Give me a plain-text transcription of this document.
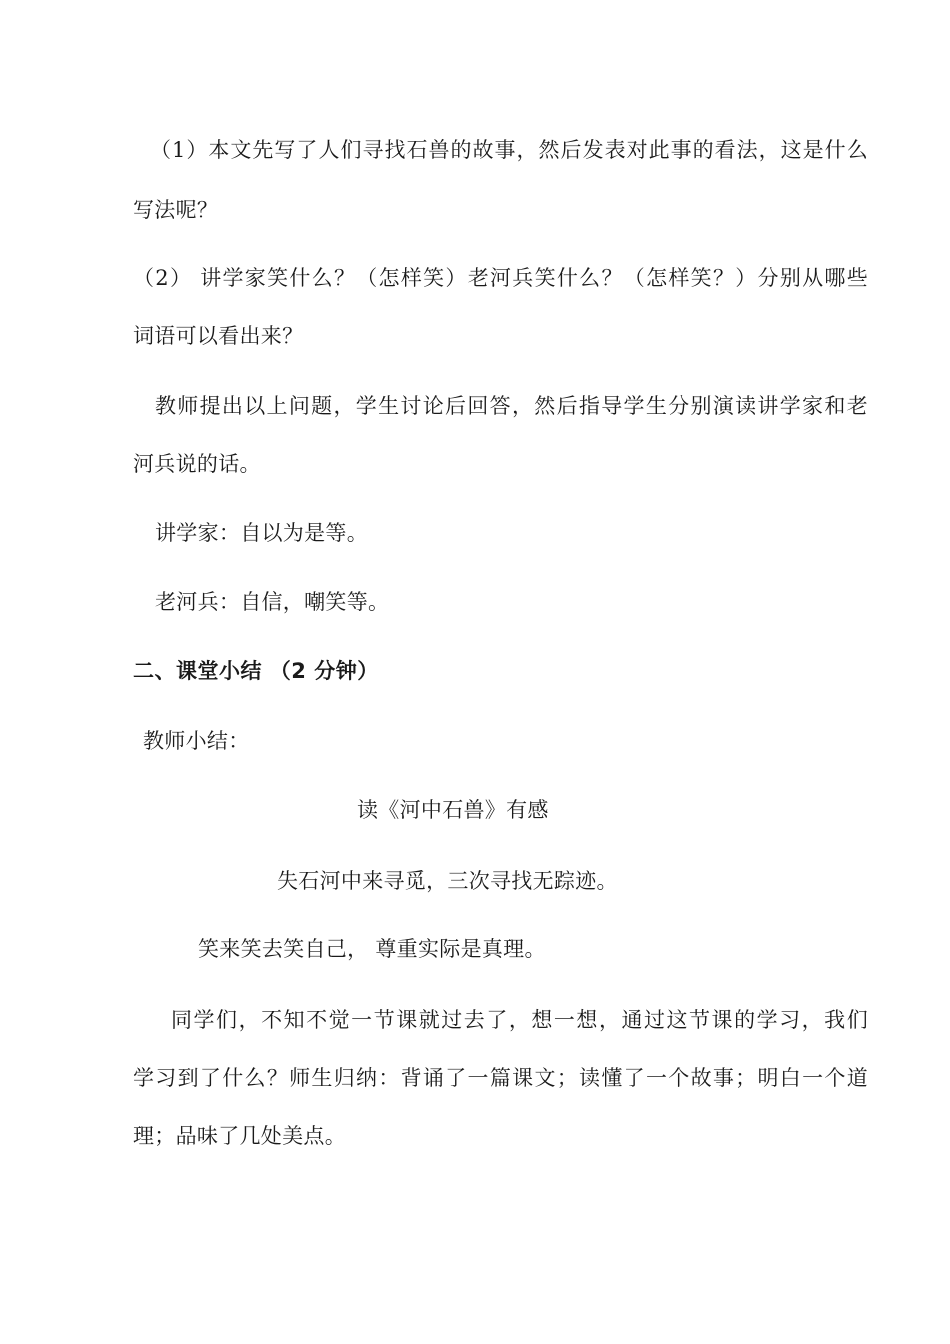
（1）本文先写了人们寻找石兽的故事，然后发表对此事的看法，这是什么
写法呢？
（2） 讲学家笑什么？（怎样笑）老河兵笑什么？（怎样笑？）分别从哪些
词语可以看出来？
教师提出以上问题，学生讨论后回答，然后指导学生分别演读讲学家和老
河兵说的话。
讲学家：自以为是等。
老河兵：自信，嘲笑等。
二、课堂小结 （2 分钟）
教师小结：
读《河中石兽》有感
失石河中来寻觅，三次寻找无踪迹。
笑来笑去笑自己， 尊重实际是真理。
同学们，不知不觉一节课就过去了，想一想，通过这节课的学习，我们
学习到了什么？师生归纳：背诵了一篇课文；读懂了一个故事；明白一个道
理；品味了几处美点。
